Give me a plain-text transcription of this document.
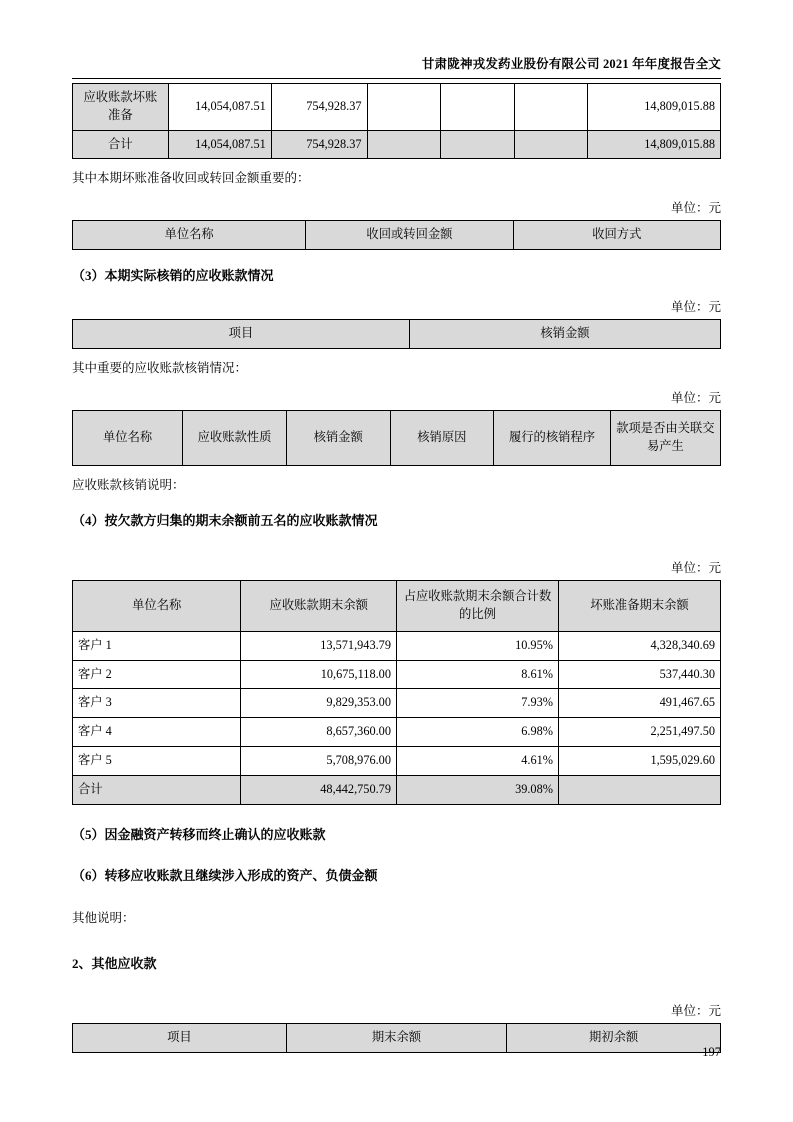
甘肃陇神戎发药业股份有限公司 2021 年年度报告全文
应收账款坏账准备	14,054,087.51	754,928.37				14,809,015.88
合计	14,054,087.51	754,928.37				14,809,015.88
其中本期坏账准备收回或转回金额重要的：
单位：元
单位名称	收回或转回金额	收回方式
（3）本期实际核销的应收账款情况
单位：元
项目	核销金额
其中重要的应收账款核销情况：
单位：元
单位名称	应收账款性质	核销金额	核销原因	履行的核销程序	款项是否由关联交易产生
应收账款核销说明：
（4）按欠款方归集的期末余额前五名的应收账款情况
单位：元
单位名称	应收账款期末余额	占应收账款期末余额合计数的比例	坏账准备期末余额
客户 1	13,571,943.79	10.95%	4,328,340.69
客户 2	10,675,118.00	8.61%	537,440.30
客户 3	9,829,353.00	7.93%	491,467.65
客户 4	8,657,360.00	6.98%	2,251,497.50
客户 5	5,708,976.00	4.61%	1,595,029.60
合计	48,442,750.79	39.08%	
（5）因金融资产转移而终止确认的应收账款
（6）转移应收账款且继续涉入形成的资产、负债金额
其他说明：
2、其他应收款
单位：元
项目	期末余额	期初余额
197
